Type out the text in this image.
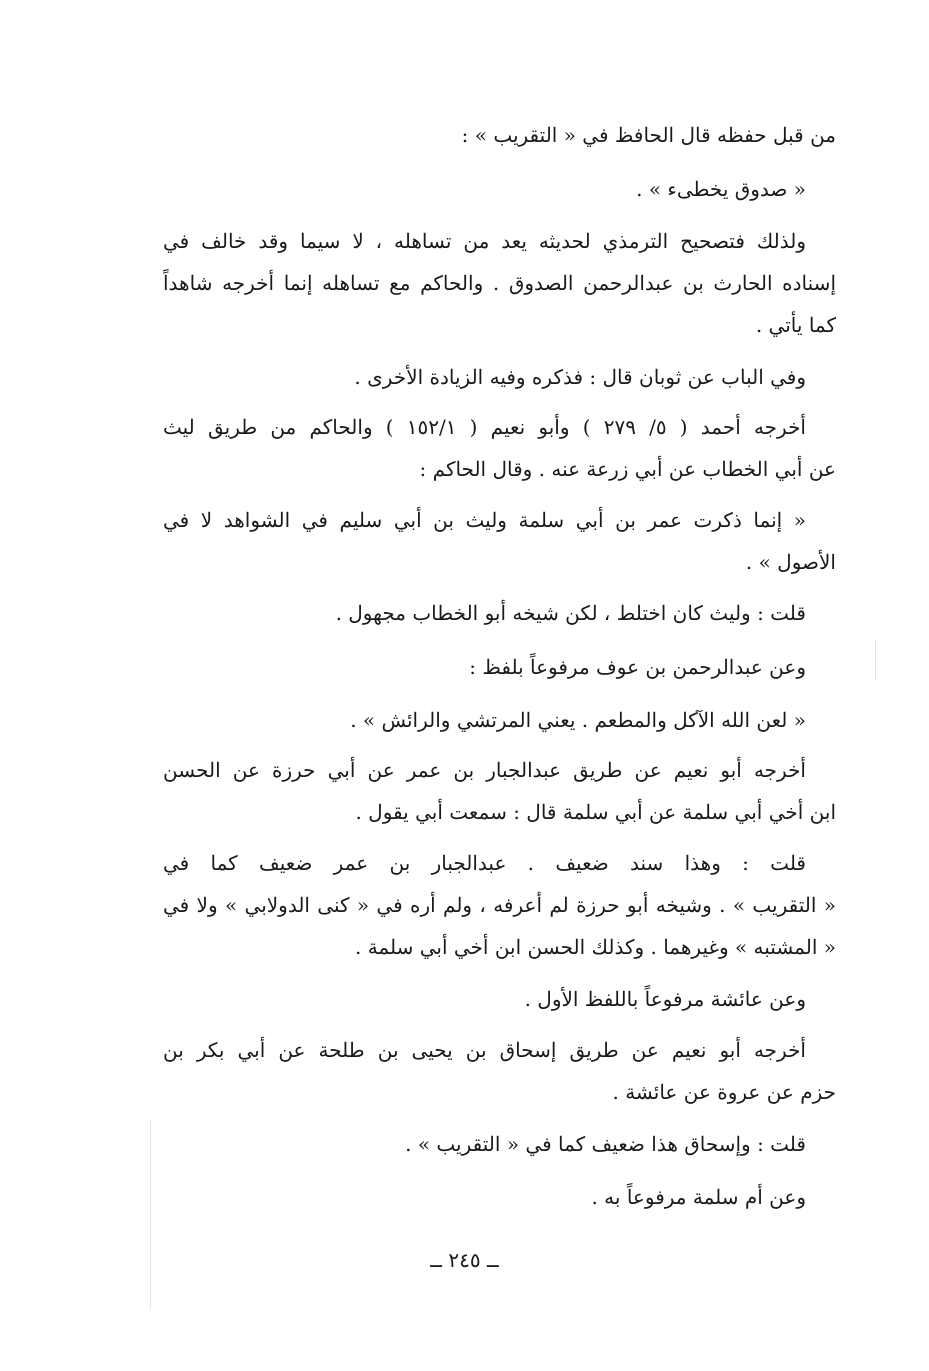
من قبل حفظه قال الحافظ في « التقريب » :
« صدوق يخطىء » .
ولذلك فتصحيح الترمذي لحديثه يعد من تساهله ، لا سيما وقد خالف في
إسناده الحارث بن عبدالرحمن الصدوق . والحاكم مع تساهله إنما أخرجه شاهداً
كما يأتي .
وفي الباب عن ثوبان قال : فذكره وفيه الزيادة الأخرى .
أخرجه أحمد ( ٥/ ٢٧٩ ) وأبو نعيم ( ١٥٢/١ ) والحاكم من طريق ليث
عن أبي الخطاب عن أبي زرعة عنه . وقال الحاكم :
« إنما ذكرت عمر بن أبي سلمة وليث بن أبي سليم في الشواهد لا في
الأصول » .
قلت : وليث كان اختلط ، لكن شيخه أبو الخطاب مجهول .
وعن عبدالرحمن بن عوف مرفوعاً بلفظ :
« لعن الله الآكل والمطعم . يعني المرتشي والرائش » .
أخرجه أبو نعيم عن طريق عبدالجبار بن عمر عن أبي حرزة عن الحسن
ابن أخي أبي سلمة عن أبي سلمة قال : سمعت أبي يقول .
قلت : وهذا سند ضعيف . عبدالجبار بن عمر ضعيف كما في
« التقريب » . وشيخه أبو حرزة لم أعرفه ، ولم أره في « كنى الدولابي » ولا في
« المشتبه » وغيرهما . وكذلك الحسن ابن أخي أبي سلمة .
وعن عائشة مرفوعاً باللفظ الأول .
أخرجه أبو نعيم عن طريق إسحاق بن يحيى بن طلحة عن أبي بكر بن
حزم عن عروة عن عائشة .
قلت : وإسحاق هذا ضعيف كما في « التقريب » .
وعن أم سلمة مرفوعاً به .
ــ ٢٤٥ ــ
